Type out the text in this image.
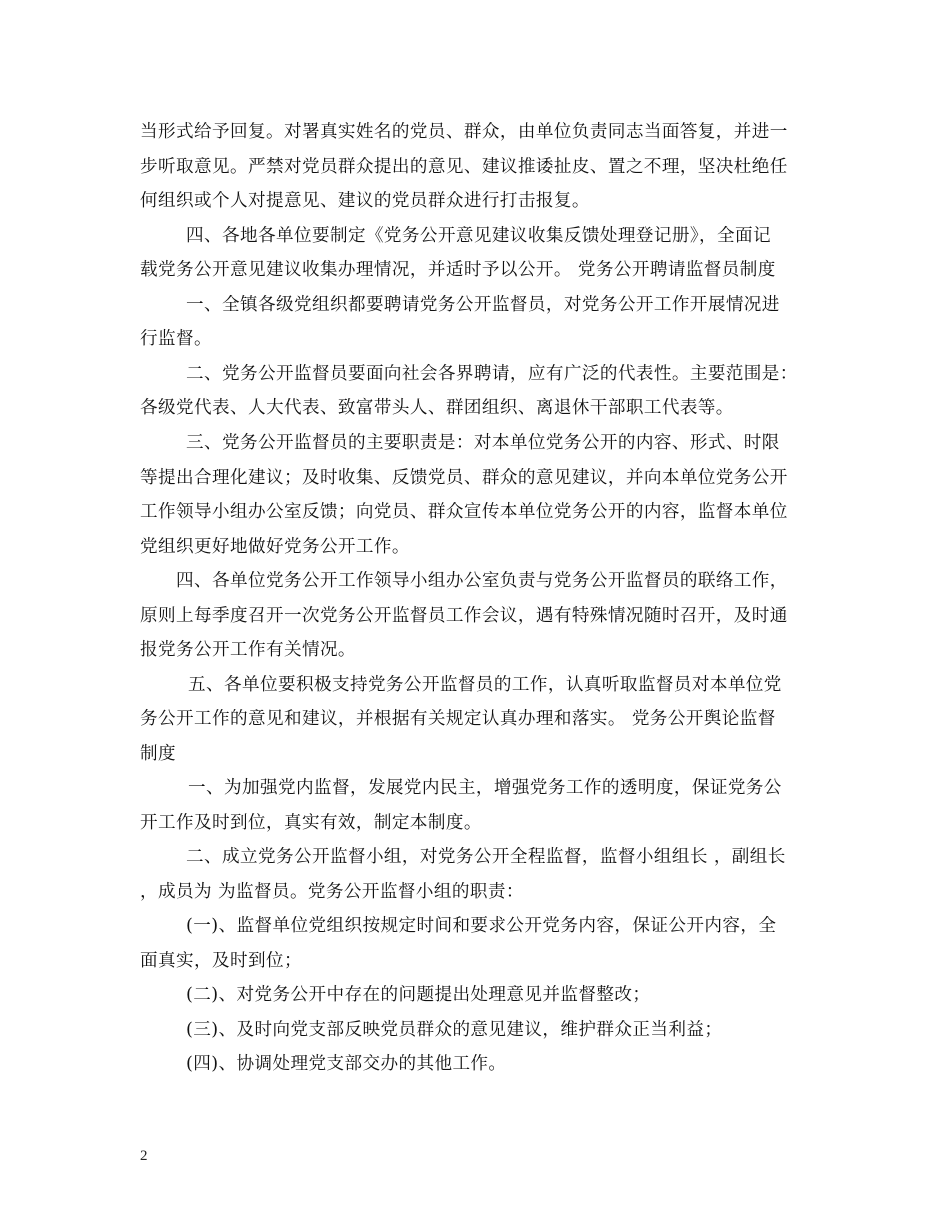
当形式给予回复。对署真实姓名的党员、群众，由单位负责同志当面答复，并进一
步听取意见。严禁对党员群众提出的意见、建议推诿扯皮、置之不理，坚决杜绝任
何组织或个人对提意见、建议的党员群众进行打击报复。
四、各地各单位要制定《党务公开意见建议收集反馈处理登记册》，全面记
载党务公开意见建议收集办理情况，并适时予以公开。 党务公开聘请监督员制度
一、全镇各级党组织都要聘请党务公开监督员，对党务公开工作开展情况进
行监督。
二、党务公开监督员要面向社会各界聘请，应有广泛的代表性。主要范围是：
各级党代表、人大代表、致富带头人、群团组织、离退休干部职工代表等。
三、党务公开监督员的主要职责是：对本单位党务公开的内容、形式、时限
等提出合理化建议；及时收集、反馈党员、群众的意见建议，并向本单位党务公开
工作领导小组办公室反馈；向党员、群众宣传本单位党务公开的内容，监督本单位
党组织更好地做好党务公开工作。
四、各单位党务公开工作领导小组办公室负责与党务公开监督员的联络工作，
原则上每季度召开一次党务公开监督员工作会议，遇有特殊情况随时召开，及时通
报党务公开工作有关情况。
五、各单位要积极支持党务公开监督员的工作，认真听取监督员对本单位党
务公开工作的意见和建议，并根据有关规定认真办理和落实。 党务公开舆论监督
制度
一、为加强党内监督，发展党内民主，增强党务工作的透明度，保证党务公
开工作及时到位，真实有效，制定本制度。
二、成立党务公开监督小组，对党务公开全程监督，监督小组组长 ，副组长
，成员为 为监督员。党务公开监督小组的职责：
(一)、监督单位党组织按规定时间和要求公开党务内容，保证公开内容，全
面真实，及时到位；
(二)、对党务公开中存在的问题提出处理意见并监督整改；
(三)、及时向党支部反映党员群众的意见建议，维护群众正当利益；
(四)、协调处理党支部交办的其他工作。
2
